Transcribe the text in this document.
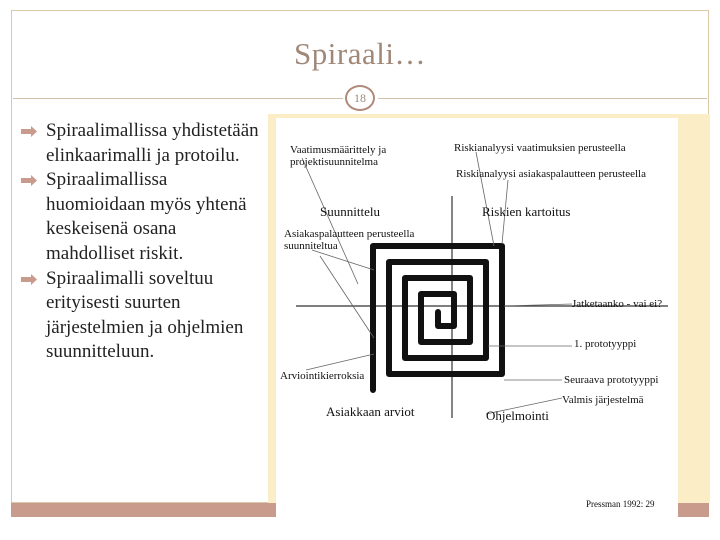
Spiraali…
18
Spiraalimallissa yhdistetään elinkaarimalli ja protoilu.
Spiraalimallissa huomioidaan myös yhtenä keskeisenä osana mahdolliset riskit.
Spiraalimalli soveltuu erityisesti suurten järjestelmien ja ohjelmien suunnitteluun.
Vaatimusmäärittely ja projektisuunnitelma
Riskianalyysi vaatimuksien perusteella
Riskianalyysi asiakaspalautteen perusteella
Suunnittelu	Riskien kartoitus
Asiakaspalautteen perusteella suunniteltua
Jatketaanko - vai ei?
1. prototyyppi
Arviointikierroksia	Seuraava prototyyppi
Valmis järjestelmä
Asiakkaan arviot	Ohjelmointi
Pressman 1992: 29
